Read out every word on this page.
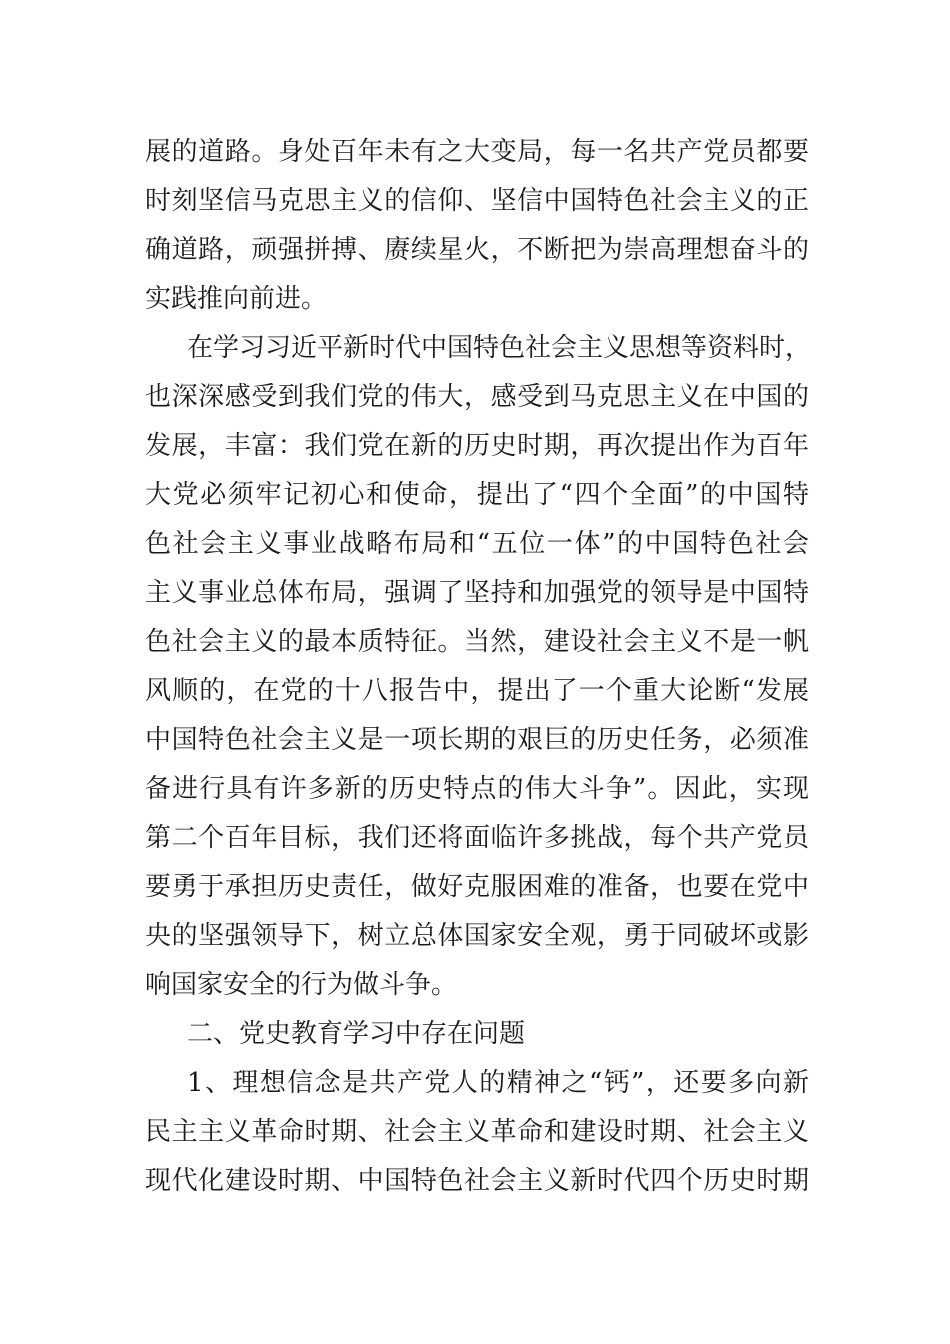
展的道路。身处百年未有之大变局，每一名共产党员都要

时刻坚信马克思主义的信仰、坚信中国特色社会主义的正

确道路，顽强拼搏、赓续星火，不断把为崇高理想奋斗的

实践推向前进。

在学习习近平新时代中国特色社会主义思想等资料时，

也深深感受到我们党的伟大，感受到马克思主义在中国的

发展，丰富：我们党在新的历史时期，再次提出作为百年

大党必须牢记初心和使命，提出了“四个全面”的中国特

色社会主义事业战略布局和“五位一体”的中国特色社会

主义事业总体布局，强调了坚持和加强党的领导是中国特

色社会主义的最本质特征。当然，建设社会主义不是一帆

风顺的，在党的十八报告中，提出了一个重大论断“发展

中国特色社会主义是一项长期的艰巨的历史任务，必须准

备进行具有许多新的历史特点的伟大斗争”。因此，实现

第二个百年目标，我们还将面临许多挑战，每个共产党员

要勇于承担历史责任，做好克服困难的准备，也要在党中

央的坚强领导下，树立总体国家安全观，勇于同破坏或影

响国家安全的行为做斗争。

二、党史教育学习中存在问题

1、理想信念是共产党人的精神之“钙”，还要多向新

民主主义革命时期、社会主义革命和建设时期、社会主义

现代化建设时期、中国特色社会主义新时代四个历史时期
